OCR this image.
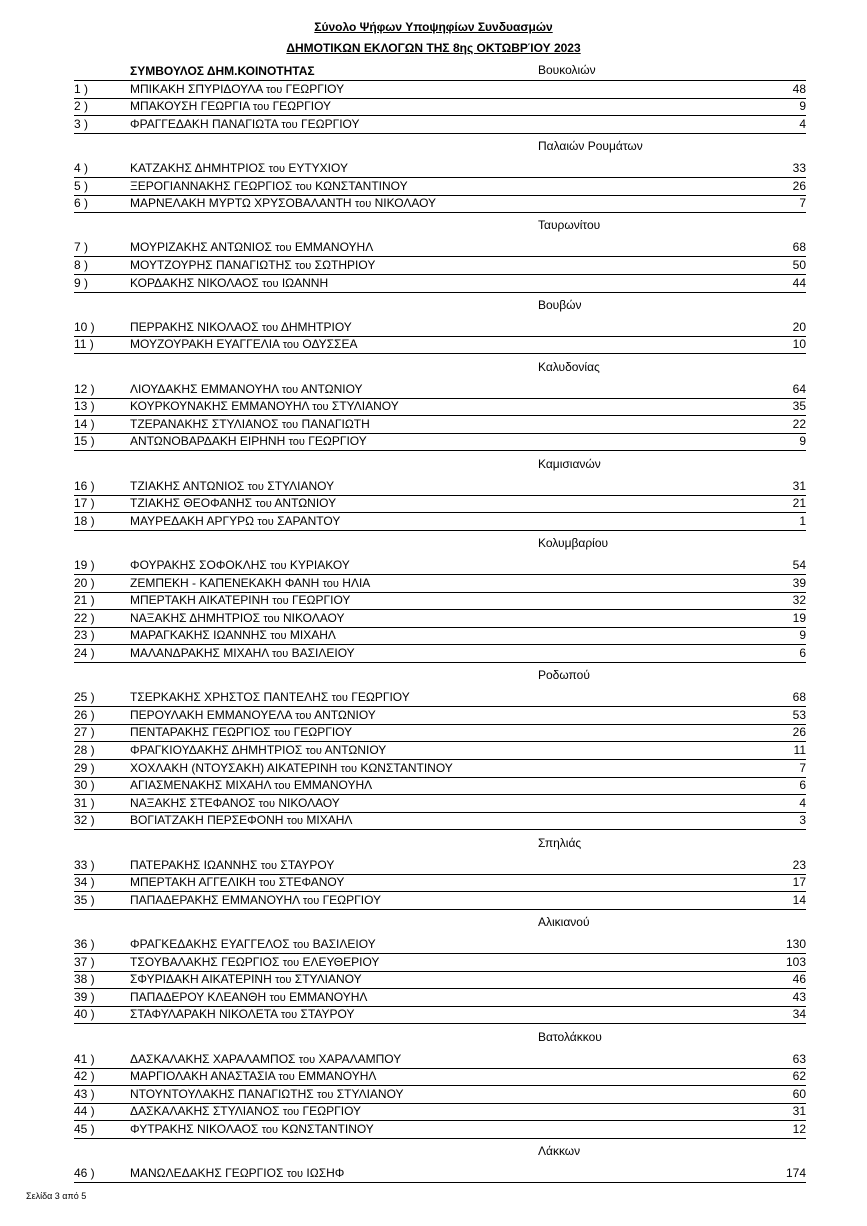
Σύνολο Ψήφων Υποψηφίων Συνδυασμών
ΔΗΜΟΤΙΚΩΝ ΕΚΛΟΓΩΝ ΤΗΣ 8ης ΟΚΤΩΒΡΊΟΥ 2023
Βουκολιών
ΣΥΜΒΟΥΛΟΣ ΔΗΜ.ΚΟΙΝΟΤΗΤΑΣ
1 )	ΜΠΙΚΑΚΗ ΣΠΥΡΙΔΟΥΛΑ του ΓΕΩΡΓΙΟΥ	48
2 )	ΜΠΑΚΟΥΣΗ ΓΕΩΡΓΙΑ του ΓΕΩΡΓΙΟΥ	9
3 )	ΦΡΑΓΓΕΔΑΚΗ ΠΑΝΑΓΙΩΤΑ του ΓΕΩΡΓΙΟΥ	4
Παλαιών Ρουμάτων
4 )	ΚΑΤΖΑΚΗΣ ΔΗΜΗΤΡΙΟΣ του ΕΥΤΥΧΙΟΥ	33
5 )	ΞΕΡΟΓΙΑΝΝΑΚΗΣ ΓΕΩΡΓΙΟΣ του ΚΩΝΣΤΑΝΤΙΝΟΥ	26
6 )	ΜΑΡΝΕΛΑΚΗ ΜΥΡΤΩ ΧΡΥΣΟΒΑΛΑΝΤΗ του ΝΙΚΟΛΑΟΥ	7
Ταυρωνίτου
7 )	ΜΟΥΡΙΖΑΚΗΣ ΑΝΤΩΝΙΟΣ του ΕΜΜΑΝΟΥΗΛ	68
8 )	ΜΟΥΤΖΟΥΡΗΣ ΠΑΝΑΓΙΩΤΗΣ του ΣΩΤΗΡΙΟΥ	50
9 )	ΚΟΡΔΑΚΗΣ ΝΙΚΟΛΑΟΣ του ΙΩΑΝΝΗ	44
Βουβών
10 )	ΠΕΡΡΑΚΗΣ ΝΙΚΟΛΑΟΣ του ΔΗΜΗΤΡΙΟΥ	20
11 )	ΜΟΥΖΟΥΡΑΚΗ ΕΥΑΓΓΕΛΙΑ του ΟΔΥΣΣΕΑ	10
Καλυδονίας
12 )	ΛΙΟΥΔΑΚΗΣ ΕΜΜΑΝΟΥΗΛ του ΑΝΤΩΝΙΟΥ	64
13 )	ΚΟΥΡΚΟΥΝΑΚΗΣ ΕΜΜΑΝΟΥΗΛ του ΣΤΥΛΙΑΝΟΥ	35
14 )	ΤΖΕΡΑΝΑΚΗΣ ΣΤΥΛΙΑΝΟΣ του ΠΑΝΑΓΙΩΤΗ	22
15 )	ΑΝΤΩΝΟΒΑΡΔΑΚΗ ΕΙΡΗΝΗ του ΓΕΩΡΓΙΟΥ	9
Καμισιανών
16 )	ΤΖΙΑΚΗΣ ΑΝΤΩΝΙΟΣ του ΣΤΥΛΙΑΝΟΥ	31
17 )	ΤΖΙΑΚΗΣ ΘΕΟΦΑΝΗΣ του ΑΝΤΩΝΙΟΥ	21
18 )	ΜΑΥΡΕΔΑΚΗ ΑΡΓΥΡΩ του ΣΑΡΑΝΤΟΥ	1
Κολυμβαρίου
19 )	ΦΟΥΡΑΚΗΣ ΣΟΦΟΚΛΗΣ του ΚΥΡΙΑΚΟΥ	54
20 )	ΖΕΜΠΕΚΗ - ΚΑΠΕΝΕΚΑΚΗ ΦΑΝΗ του ΗΛΙΑ	39
21 )	ΜΠΕΡΤΑΚΗ ΑΙΚΑΤΕΡΙΝΗ του ΓΕΩΡΓΙΟΥ	32
22 )	ΝΑΞΑΚΗΣ ΔΗΜΗΤΡΙΟΣ του ΝΙΚΟΛΑΟΥ	19
23 )	ΜΑΡΑΓΚΑΚΗΣ ΙΩΑΝΝΗΣ του ΜΙΧΑΗΛ	9
24 )	ΜΑΛΑΝΔΡΑΚΗΣ ΜΙΧΑΗΛ του ΒΑΣΙΛΕΙΟΥ	6
Ροδωπού
25 )	ΤΣΕΡΚΑΚΗΣ ΧΡΗΣΤΟΣ ΠΑΝΤΕΛΗΣ του ΓΕΩΡΓΙΟΥ	68
26 )	ΠΕΡΟΥΛΑΚΗ ΕΜΜΑΝΟΥΕΛΑ του ΑΝΤΩΝΙΟΥ	53
27 )	ΠΕΝΤΑΡΑΚΗΣ ΓΕΩΡΓΙΟΣ του ΓΕΩΡΓΙΟΥ	26
28 )	ΦΡΑΓΚΙΟΥΔΑΚΗΣ ΔΗΜΗΤΡΙΟΣ του ΑΝΤΩΝΙΟΥ	11
29 )	ΧΟΧΛΑΚΗ (ΝΤΟΥΣΑΚΗ) ΑΙΚΑΤΕΡΙΝΗ του ΚΩΝΣΤΑΝΤΙΝΟΥ	7
30 )	ΑΓΙΑΣΜΕΝΑΚΗΣ ΜΙΧΑΗΛ του ΕΜΜΑΝΟΥΗΛ	6
31 )	ΝΑΞΑΚΗΣ ΣΤΕΦΑΝΟΣ του ΝΙΚΟΛΑΟΥ	4
32 )	ΒΟΓΙΑΤΖΑΚΗ ΠΕΡΣΕΦΟΝΗ του ΜΙΧΑΗΛ	3
Σπηλιάς
33 )	ΠΑΤΕΡΑΚΗΣ ΙΩΑΝΝΗΣ του ΣΤΑΥΡΟΥ	23
34 )	ΜΠΕΡΤΑΚΗ ΑΓΓΕΛΙΚΗ του ΣΤΕΦΑΝΟΥ	17
35 )	ΠΑΠΑΔΕΡΑΚΗΣ ΕΜΜΑΝΟΥΗΛ του ΓΕΩΡΓΙΟΥ	14
Αλικιανού
36 )	ΦΡΑΓΚΕΔΑΚΗΣ ΕΥΑΓΓΕΛΟΣ του ΒΑΣΙΛΕΙΟΥ	130
37 )	ΤΣΟΥΒΑΛΑΚΗΣ ΓΕΩΡΓΙΟΣ του ΕΛΕΥΘΕΡΙΟΥ	103
38 )	ΣΦΥΡΙΔΑΚΗ ΑΙΚΑΤΕΡΙΝΗ του ΣΤΥΛΙΑΝΟΥ	46
39 )	ΠΑΠΑΔΕΡΟΥ ΚΛΕΑΝΘΗ του ΕΜΜΑΝΟΥΗΛ	43
40 )	ΣΤΑΦΥΛΑΡΑΚΗ ΝΙΚΟΛΕΤΑ του ΣΤΑΥΡΟΥ	34
Βατολάκκου
41 )	ΔΑΣΚΑΛΑΚΗΣ ΧΑΡΑΛΑΜΠΟΣ του ΧΑΡΑΛΑΜΠΟΥ	63
42 )	ΜΑΡΓΙΟΛΑΚΗ ΑΝΑΣΤΑΣΙΑ του ΕΜΜΑΝΟΥΗΛ	62
43 )	ΝΤΟΥΝΤΟΥΛΑΚΗΣ ΠΑΝΑΓΙΩΤΗΣ του ΣΤΥΛΙΑΝΟΥ	60
44 )	ΔΑΣΚΑΛΑΚΗΣ ΣΤΥΛΙΑΝΟΣ του ΓΕΩΡΓΙΟΥ	31
45 )	ΦΥΤΡΑΚΗΣ ΝΙΚΟΛΑΟΣ του ΚΩΝΣΤΑΝΤΙΝΟΥ	12
Λάκκων
46 )	ΜΑΝΩΛΕΔΑΚΗΣ ΓΕΩΡΓΙΟΣ του ΙΩΣΗΦ	174
Σελίδα 3 από 5
